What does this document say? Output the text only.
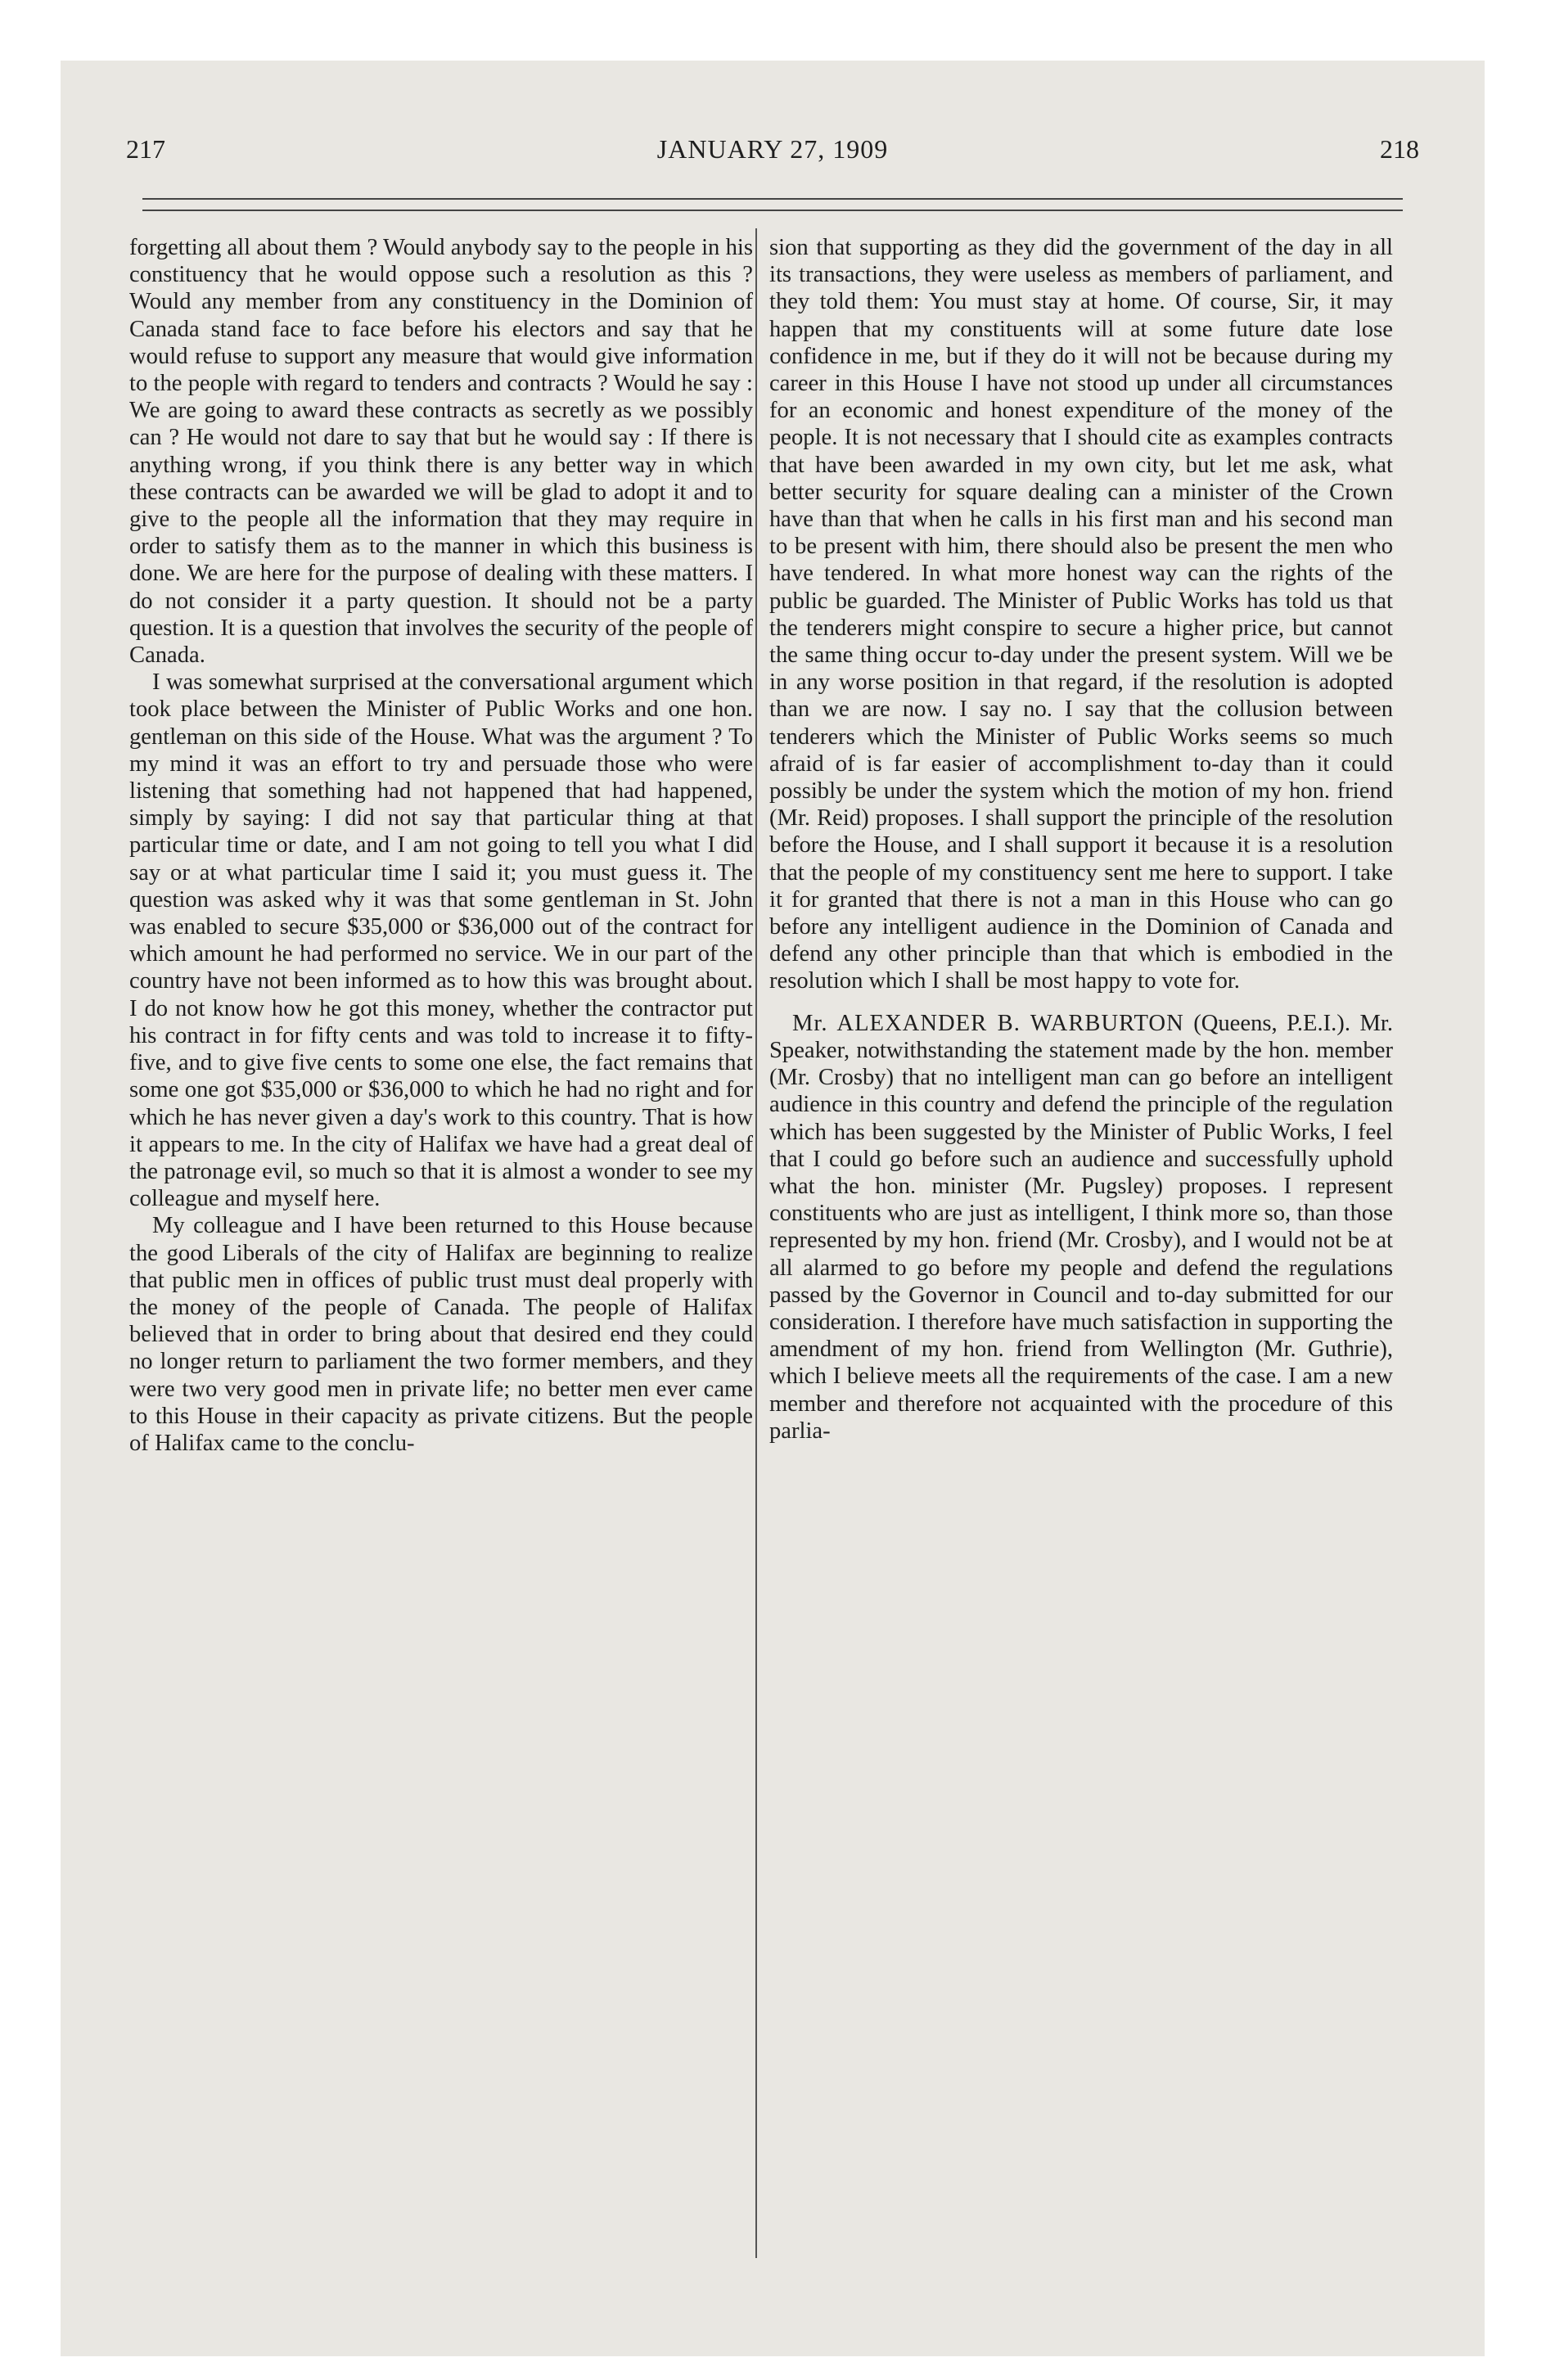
217	JANUARY 27, 1909	218

forgetting all about them ? Would anybody say to the people in his constituency that he would oppose such a resolution as this ? Would any member from any constituency in the Dominion of Canada stand face to face before his electors and say that he would refuse to support any measure that would give information to the people with regard to tenders and contracts ? Would he say : We are going to award these contracts as secretly as we possibly can ? He would not dare to say that but he would say : If there is anything wrong, if you think there is any better way in which these contracts can be awarded we will be glad to adopt it and to give to the people all the information that they may require in order to satisfy them as to the manner in which this business is done. We are here for the purpose of dealing with these matters. I do not consider it a party question. It should not be a party question. It is a question that involves the security of the people of Canada.

I was somewhat surprised at the conversational argument which took place between the Minister of Public Works and one hon. gentleman on this side of the House. What was the argument ? To my mind it was an effort to try and persuade those who were listening that something had not happened that had happened, simply by saying: I did not say that particular thing at that particular time or date, and I am not going to tell you what I did say or at what particular time I said it; you must guess it. The question was asked why it was that some gentleman in St. John was enabled to secure $35,000 or $36,000 out of the contract for which amount he had performed no service. We in our part of the country have not been informed as to how this was brought about. I do not know how he got this money, whether the contractor put his contract in for fifty cents and was told to increase it to fifty-five, and to give five cents to some one else, the fact remains that some one got $35,000 or $36,000 to which he had no right and for which he has never given a day's work to this country. That is how it appears to me. In the city of Halifax we have had a great deal of the patronage evil, so much so that it is almost a wonder to see my colleague and myself here.

My colleague and I have been returned to this House because the good Liberals of the city of Halifax are beginning to realize that public men in offices of public trust must deal properly with the money of the people of Canada. The people of Halifax believed that in order to bring about that desired end they could no longer return to parliament the two former members, and they were two very good men in private life; no better men ever came to this House in their capacity as private citizens. But the people of Halifax came to the conclu-

sion that supporting as they did the government of the day in all its transactions, they were useless as members of parliament, and they told them: You must stay at home. Of course, Sir, it may happen that my constituents will at some future date lose confidence in me, but if they do it will not be because during my career in this House I have not stood up under all circumstances for an economic and honest expenditure of the money of the people. It is not necessary that I should cite as examples contracts that have been awarded in my own city, but let me ask, what better security for square dealing can a minister of the Crown have than that when he calls in his first man and his second man to be present with him, there should also be present the men who have tendered. In what more honest way can the rights of the public be guarded. The Minister of Public Works has told us that the tenderers might conspire to secure a higher price, but cannot the same thing occur to-day under the present system. Will we be in any worse position in that regard, if the resolution is adopted than we are now. I say no. I say that the collusion between tenderers which the Minister of Public Works seems so much afraid of is far easier of accomplishment to-day than it could possibly be under the system which the motion of my hon. friend (Mr. Reid) proposes. I shall support the principle of the resolution before the House, and I shall support it because it is a resolution that the people of my constituency sent me here to support. I take it for granted that there is not a man in this House who can go before any intelligent audience in the Dominion of Canada and defend any other principle than that which is embodied in the resolution which I shall be most happy to vote for.

Mr. ALEXANDER B. WARBURTON (Queens, P.E.I.). Mr. Speaker, notwithstanding the statement made by the hon. member (Mr. Crosby) that no intelligent man can go before an intelligent audience in this country and defend the principle of the regulation which has been suggested by the Minister of Public Works, I feel that I could go before such an audience and successfully uphold what the hon. minister (Mr. Pugsley) proposes. I represent constituents who are just as intelligent, I think more so, than those represented by my hon. friend (Mr. Crosby), and I would not be at all alarmed to go before my people and defend the regulations passed by the Governor in Council and to-day submitted for our consideration. I therefore have much satisfaction in supporting the amendment of my hon. friend from Wellington (Mr. Guthrie), which I believe meets all the requirements of the case. I am a new member and therefore not acquainted with the procedure of this parlia-
